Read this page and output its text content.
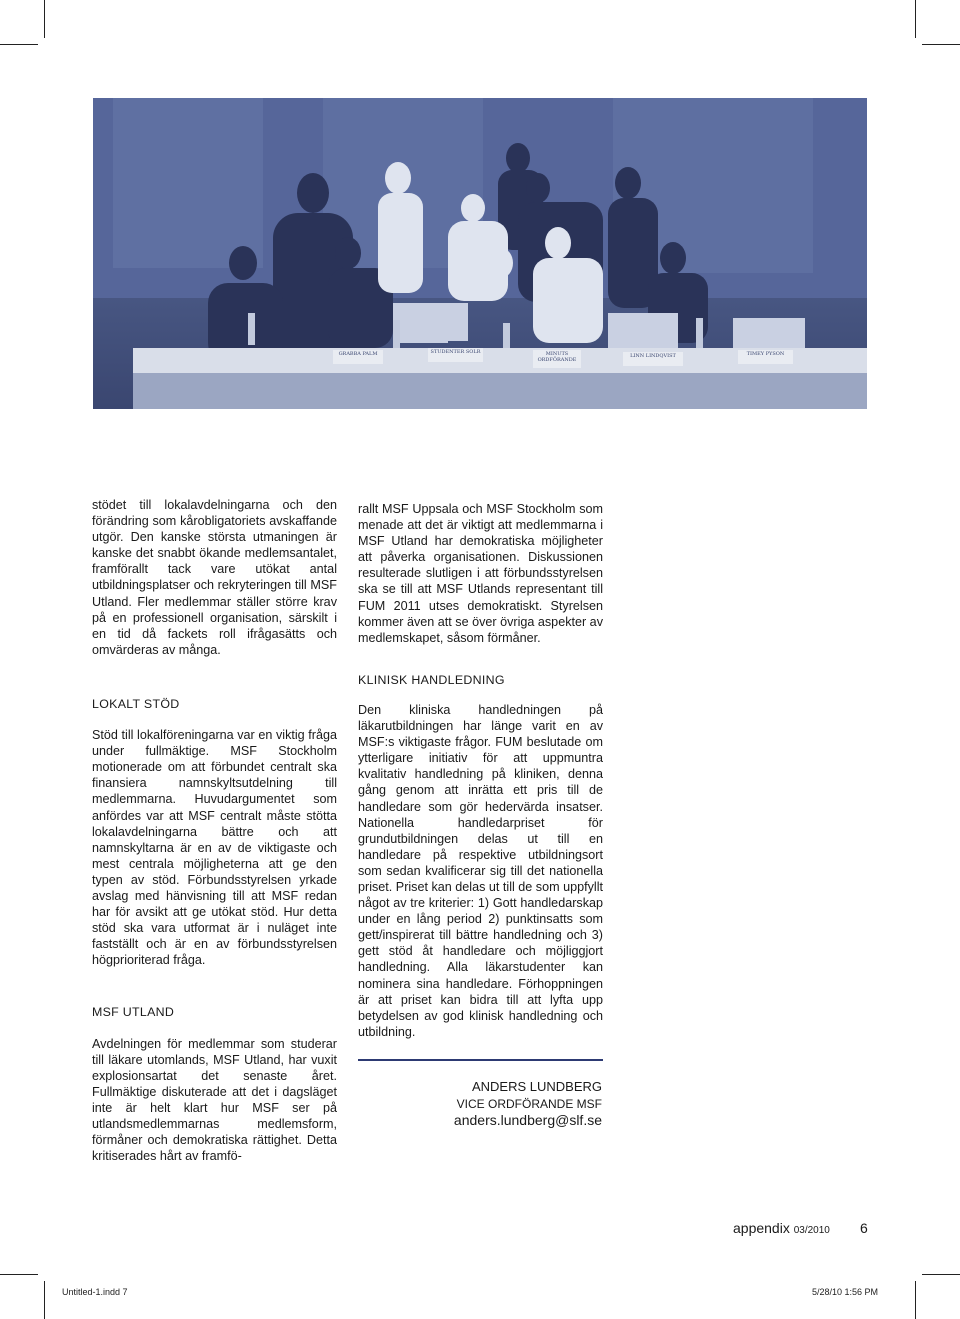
GRABBA PALM	STUDENTER SOLR	MINUTS ORDFÖRANDE
LINN LINDQVIST	TIMEY PYSON

stödet till lokalavdelningarna och den förändring som kårobligatoriets avskaffande utgör. Den kanske största utmaningen är kanske det snabbt ökande medlemsantalet, framförallt tack vare utökat antal utbildningsplatser och rekryteringen till MSF Utland. Fler medlemmar ställer större krav på en professionell organisation, särskilt i en tid då fackets roll ifrågasätts och omvärderas av många.

LOKALT STÖD

Stöd till lokalföreningarna var en viktig fråga under fullmäktige. MSF Stockholm motionerade om att förbundet centralt ska finansiera namnskyltsutdelning till medlemmarna. Huvudargumentet som anfördes var att MSF centralt måste stötta lokalavdelningarna bättre och att namnskyltarna är en av de viktigaste och mest centrala möjligheterna att ge den typen av stöd. Förbundsstyrelsen yrkade avslag med hänvisning till att MSF redan har för avsikt att ge utökat stöd. Hur detta stöd ska vara utformat är i nuläget inte fastställt och är en av förbundsstyrelsen högprioriterad fråga.

MSF UTLAND

Avdelningen för medlemmar som studerar till läkare utomlands, MSF Utland, har vuxit explosionsartat det senaste året. Fullmäktige diskuterade att det i dagsläget inte är helt klart hur MSF ser på utlandsmedlemmarnas medlemsform, förmåner och demokratiska rättighet. Detta kritiserades hårt av framfö-

rallt MSF Uppsala och MSF Stockholm som menade att det är viktigt att medlemmarna i MSF Utland har demokratiska möjligheter att påverka organisationen. Diskussionen resulterade slutligen i att förbundsstyrelsen ska se till att MSF Utlands representant till FUM 2011 utses demokratiskt. Styrelsen kommer även att se över övriga aspekter av medlemskapet, såsom förmåner.

KLINISK HANDLEDNING

Den kliniska handledningen på läkarutbildningen har länge varit en av MSF:s viktigaste frågor. FUM beslutade om ytterligare initiativ för att uppmuntra kvalitativ handledning på kliniken, denna gång genom att inrätta ett pris till de handledare som gör hedervärda insatser. Nationella handledarpriset för grundutbildningen delas ut till en handledare på respektive utbildningsort som sedan kvalificerar sig till det nationella priset. Priset kan delas ut till de som uppfyllt något av tre kriterier: 1) Gott handledarskap under en lång period 2) punktinsatts som gett/inspirerat till bättre handledning och 3) gett stöd åt handledare och möjliggjort handledning. Alla läkarstudenter kan nominera sina handledare. Förhoppningen är att priset kan bidra till att lyfta upp betydelsen av god klinisk handledning och utbildning.

ANDERS LUNDBERG
VICE ORDFÖRANDE MSF
anders.lundberg@slf.se
appendix 03/2010 6
Untitled-1.indd 7	5/28/10 1:56 PM
